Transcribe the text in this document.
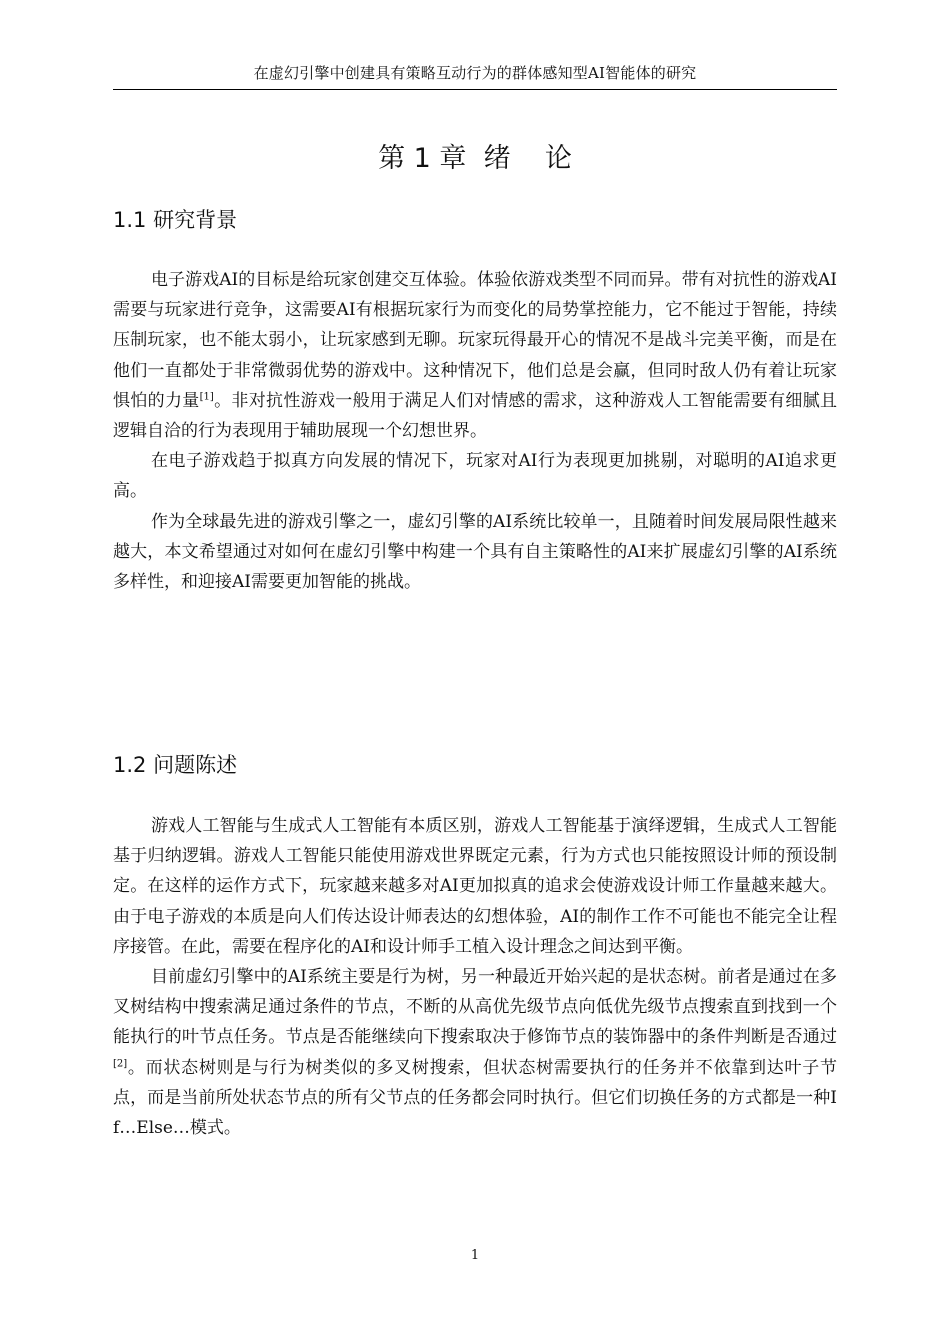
在虚幻引擎中创建具有策略互动行为的群体感知型AI智能体的研究
第 1 章  绪    论
1.1 研究背景

电子游戏AI的目标是给玩家创建交互体验。体验依游戏类型不同而异。带有对抗性的游戏AI需要与玩家进行竞争，这需要AI有根据玩家行为而变化的局势掌控能力，它不能过于智能，持续压制玩家，也不能太弱小，让玩家感到无聊。玩家玩得最开心的情况不是战斗完美平衡，而是在他们一直都处于非常微弱优势的游戏中。这种情况下，他们总是会赢，但同时敌人仍有着让玩家惧怕的力量[1]。非对抗性游戏一般用于满足人们对情感的需求，这种游戏人工智能需要有细腻且逻辑自洽的行为表现用于辅助展现一个幻想世界。

在电子游戏趋于拟真方向发展的情况下，玩家对AI行为表现更加挑剔，对聪明的AI追求更高。

作为全球最先进的游戏引擎之一，虚幻引擎的AI系统比较单一，且随着时间发展局限性越来越大，本文希望通过对如何在虚幻引擎中构建一个具有自主策略性的AI来扩展虚幻引擎的AI系统多样性，和迎接AI需要更加智能的挑战。

1.2 问题陈述

游戏人工智能与生成式人工智能有本质区别，游戏人工智能基于演绎逻辑，生成式人工智能基于归纳逻辑。游戏人工智能只能使用游戏世界既定元素，行为方式也只能按照设计师的预设制定。在这样的运作方式下，玩家越来越多对AI更加拟真的追求会使游戏设计师工作量越来越大。由于电子游戏的本质是向人们传达设计师表达的幻想体验，AI的制作工作不可能也不能完全让程序接管。在此，需要在程序化的AI和设计师手工植入设计理念之间达到平衡。

目前虚幻引擎中的AI系统主要是行为树，另一种最近开始兴起的是状态树。前者是通过在多叉树结构中搜索满足通过条件的节点，不断的从高优先级节点向低优先级节点搜索直到找到一个能执行的叶节点任务。节点是否能继续向下搜索取决于修饰节点的装饰器中的条件判断是否通过[2]。而状态树则是与行为树类似的多叉树搜索，但状态树需要执行的任务并不依靠到达叶子节点，而是当前所处状态节点的所有父节点的任务都会同时执行。但它们切换任务的方式都是一种If…Else…模式。

1
